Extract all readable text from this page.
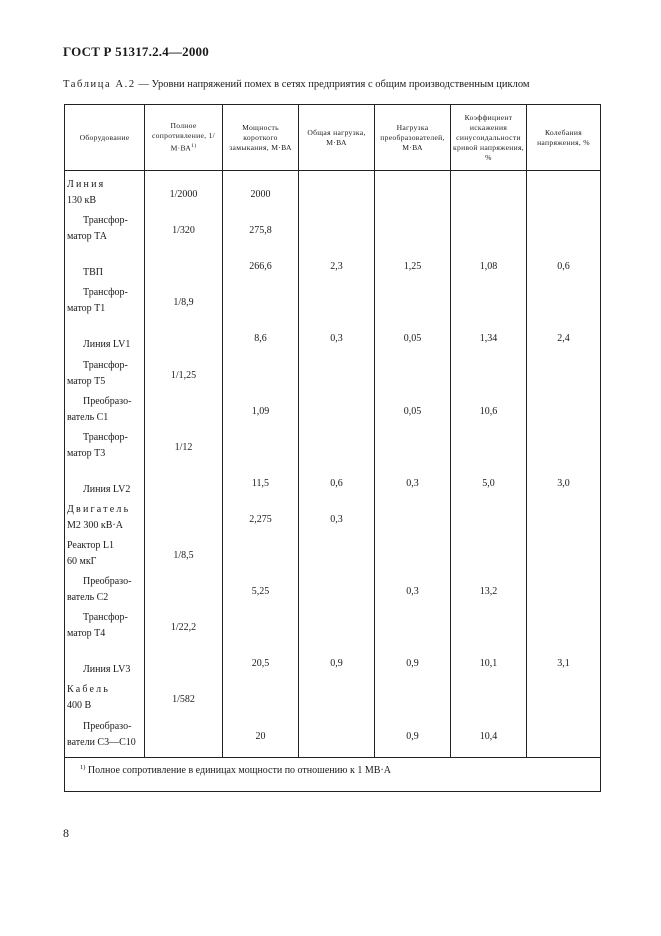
ГОСТ Р 51317.2.4—2000
Таблица А.2 — Уровни напряжений помех в сетях предприятия с общим производственным циклом
Оборудование	Полное сопротивление, $1/М\cdot ВА^{1)}$	Мощность короткого замыкания, М·ВА	Общая нагрузка, М·ВА	Нагрузка преобразователей, М·ВА	Коэффициент искажения синусоидальности кривой напряжения, %	Колебания напряжения, %

Линия
130 кВ	1/2000	2000				

Трансфор-
матор ТА	1/320	275,8				

ТВП		266,6	2,3	1,25	1,08	0,6

Трансфор-
матор Т1	1/8,9					

Линия LV1		8,6	0,3	0,05	1,34	2,4

Трансфор-
матор Т5	1/1,25					

Преобразо-
ватель С1		1,09		0,05	10,6	

Трансфор-
матор Т3	1/12					

Линия LV2		11,5	0,6	0,3	5,0	3,0

Двигатель
М2 300 кВ·А		2,275	0,3			

Реактор L1
60 мкГ	1/8,5					

Преобразо-
ватель С2		5,25		0,3	13,2	

Трансфор-
матор Т4	1/22,2					

Линия LV3		20,5	0,9	0,9	10,1	3,1

Кабель
400 В	1/582					

Преобразо-
ватели С3—С10		20		0,9	10,4	

$^{1)}$ Полное сопротивление в единицах мощности по отношению к 1 МВ·А						
8
